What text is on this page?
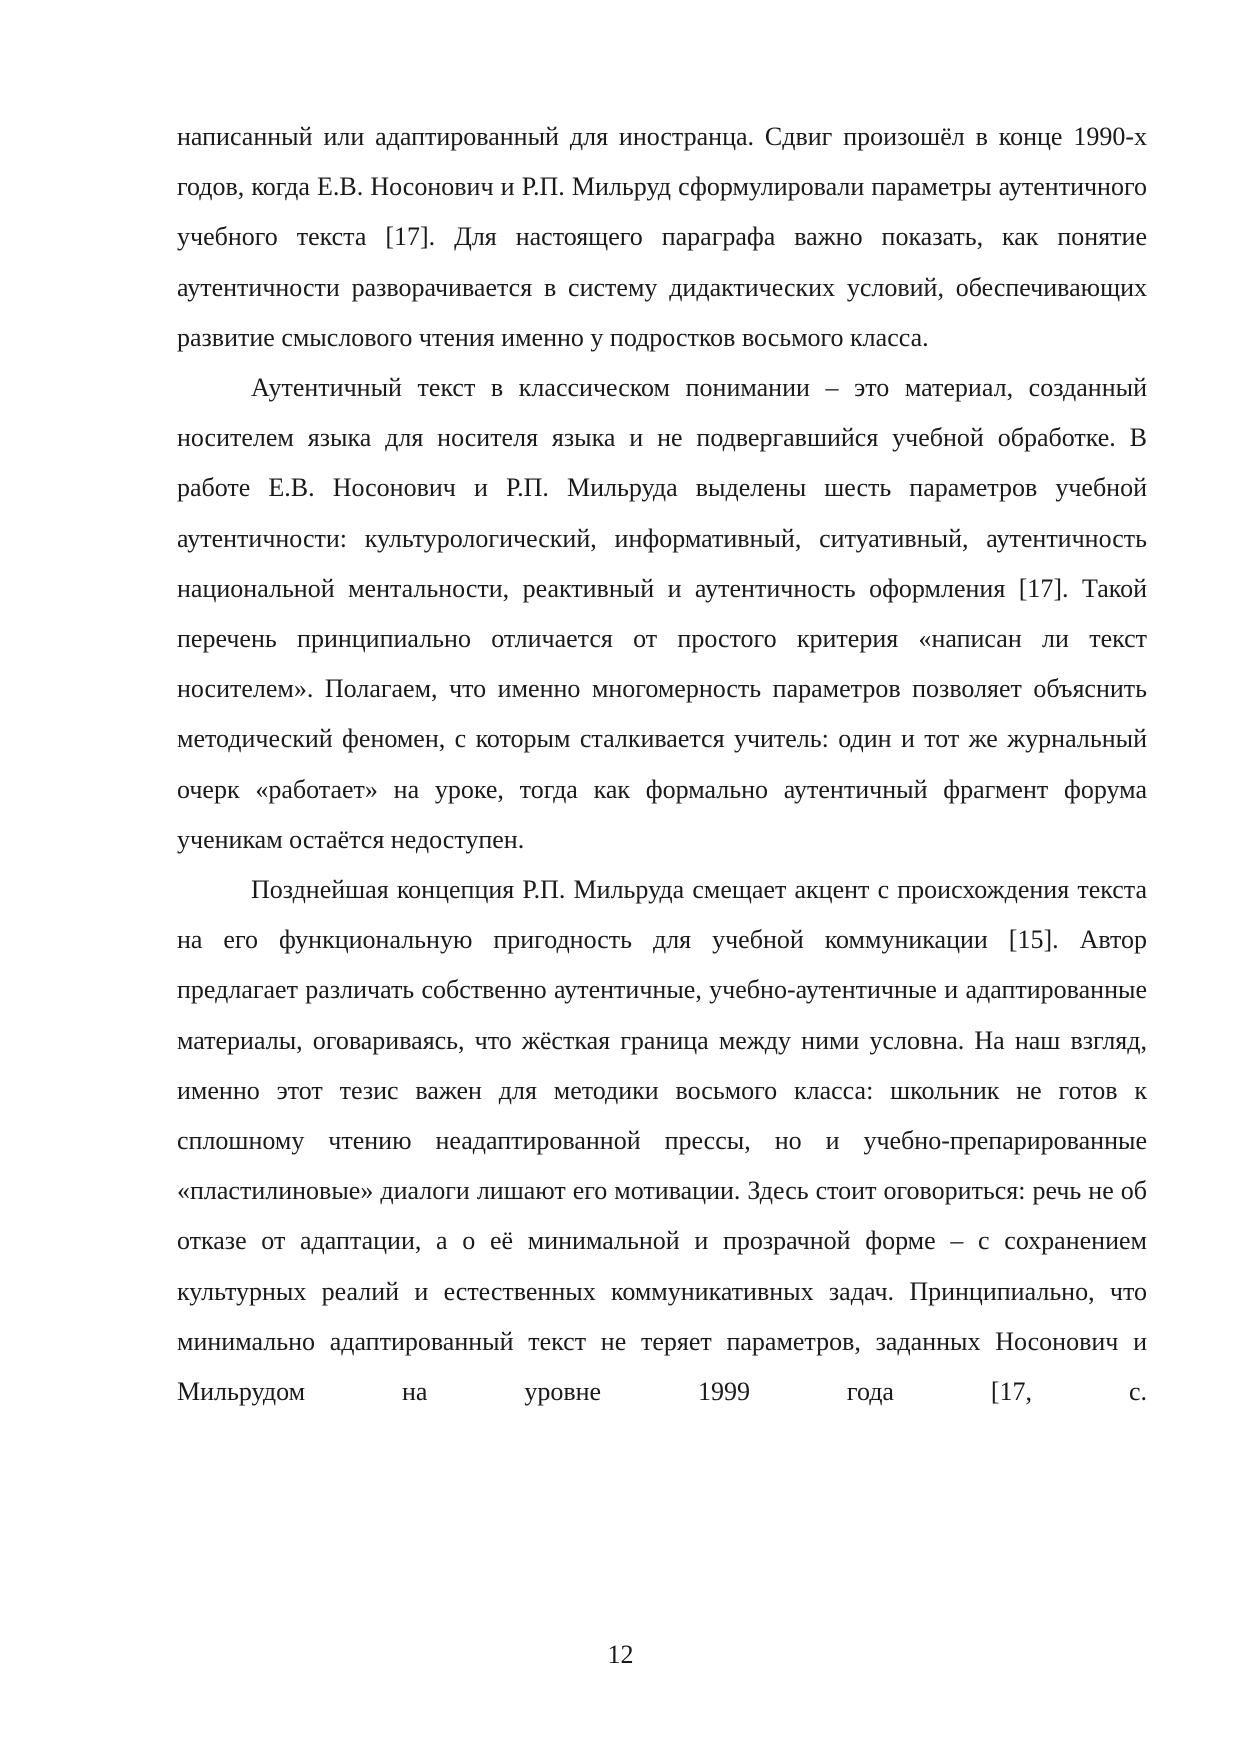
написанный или адаптированный для иностранца. Сдвиг произошёл в конце 1990-х годов, когда Е.В. Носонович и Р.П. Мильруд сформулировали параметры аутентичного учебного текста [17]. Для настоящего параграфа важно показать, как понятие аутентичности разворачивается в систему дидактических условий, обеспечивающих развитие смыслового чтения именно у подростков восьмого класса.

Аутентичный текст в классическом понимании – это материал, созданный носителем языка для носителя языка и не подвергавшийся учебной обработке. В работе Е.В. Носонович и Р.П. Мильруда выделены шесть параметров учебной аутентичности: культурологический, информативный, ситуативный, аутентичность национальной ментальности, реактивный и аутентичность оформления [17]. Такой перечень принципиально отличается от простого критерия «написан ли текст носителем». Полагаем, что именно многомерность параметров позволяет объяснить методический феномен, с которым сталкивается учитель: один и тот же журнальный очерк «работает» на уроке, тогда как формально аутентичный фрагмент форума ученикам остаётся недоступен.

Позднейшая концепция Р.П. Мильруда смещает акцент с происхождения текста на его функциональную пригодность для учебной коммуникации [15]. Автор предлагает различать собственно аутентичные, учебно-аутентичные и адаптированные материалы, оговариваясь, что жёсткая граница между ними условна. На наш взгляд, именно этот тезис важен для методики восьмого класса: школьник не готов к сплошному чтению неадаптированной прессы, но и учебно-препарированные «пластилиновые» диалоги лишают его мотивации. Здесь стоит оговориться: речь не об отказе от адаптации, а о её минимальной и прозрачной форме – с сохранением культурных реалий и естественных коммуникативных задач. Принципиально, что минимально адаптированный текст не теряет параметров, заданных Носонович и Мильрудом на уровне 1999 года [17, с.

12
